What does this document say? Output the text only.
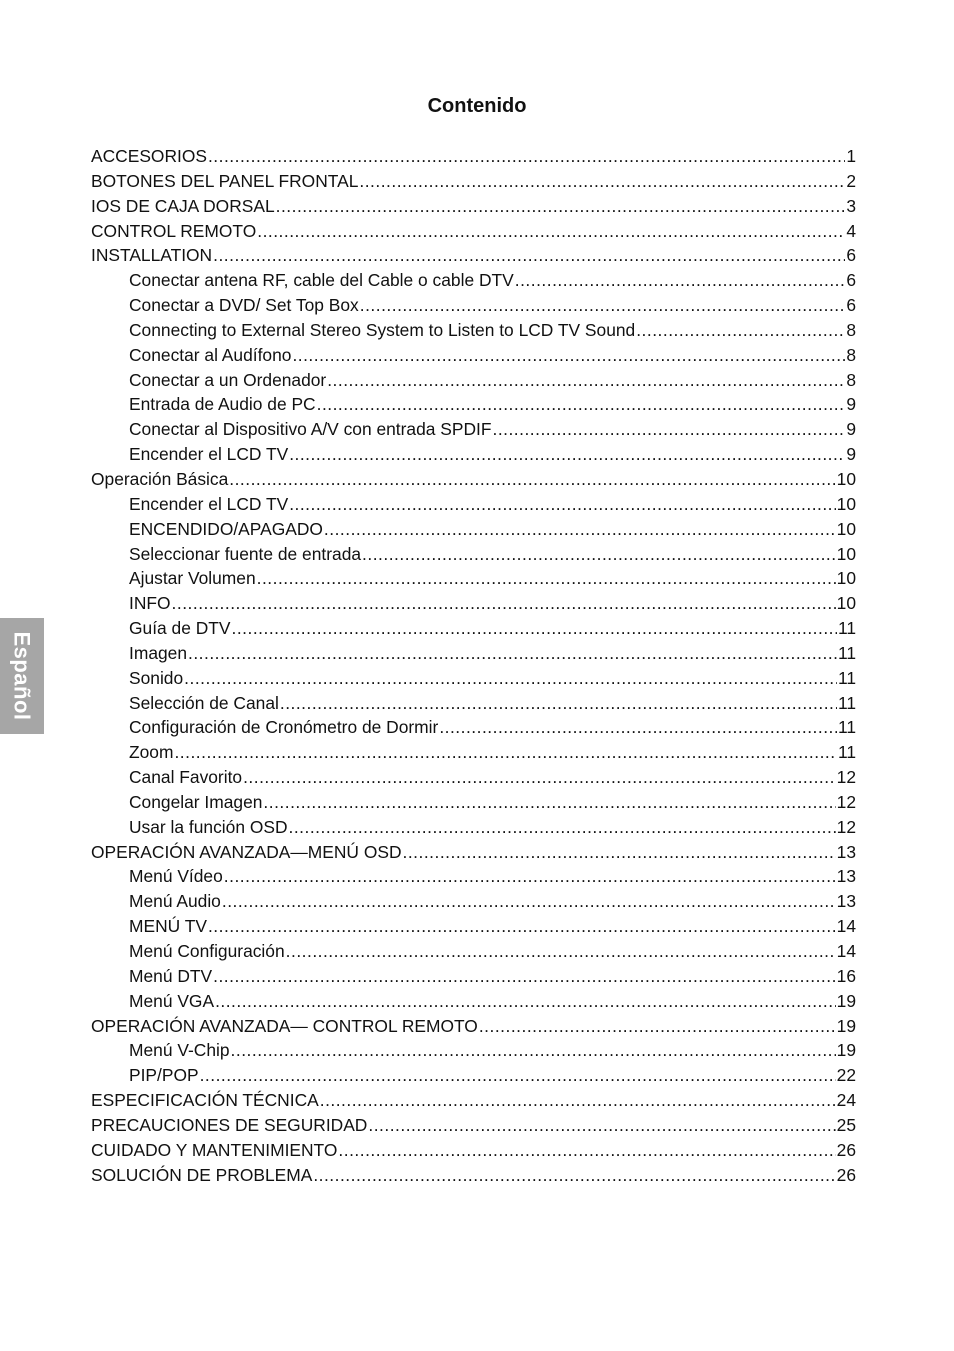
Contenido
ACCESORIOS .....	1
BOTONES DEL PANEL FRONTAL .....	2
IOS DE CAJA DORSAL .....	3
CONTROL REMOTO .....	4
INSTALLATION .....	6
Conectar antena RF, cable del Cable o cable DTV .....	6
Conectar a DVD/ Set Top Box .....	6
Connecting to External Stereo System to Listen to LCD TV Sound .....	8
Conectar al Audífono .....	8
Conectar a un Ordenador .....	8
Entrada de Audio de PC .....	9
Conectar al Dispositivo A/V con entrada SPDIF .....	9
Encender el LCD TV .....	9
Operación Básica .....	10
Encender el LCD TV .....	10
ENCENDIDO/APAGADO .....	10
Seleccionar fuente de entrada .....	10
Ajustar Volumen .....	10
INFO .....	10
Guía de DTV .....	11
Imagen .....	11
Sonido .....	11
Selección de Canal .....	11
Configuración de Cronómetro de Dormir .....	11
Zoom .....	11
Canal Favorito .....	12
Congelar Imagen .....	12
Usar la función OSD .....	12
OPERACIÓN AVANZADA—MENÚ OSD .....	13
Menú Vídeo .....	13
Menú Audio .....	13
MENÚ TV .....	14
Menú Configuración .....	14
Menú DTV .....	16
Menú VGA .....	19
OPERACIÓN AVANZADA— CONTROL REMOTO .....	19
Menú V-Chip .....	19
PIP/POP .....	22
ESPECIFICACIÓN TÉCNICA .....	24
PRECAUCIONES DE SEGURIDAD .....	25
CUIDADO Y MANTENIMIENTO .....	26
SOLUCIÓN DE PROBLEMA .....	26
Español
